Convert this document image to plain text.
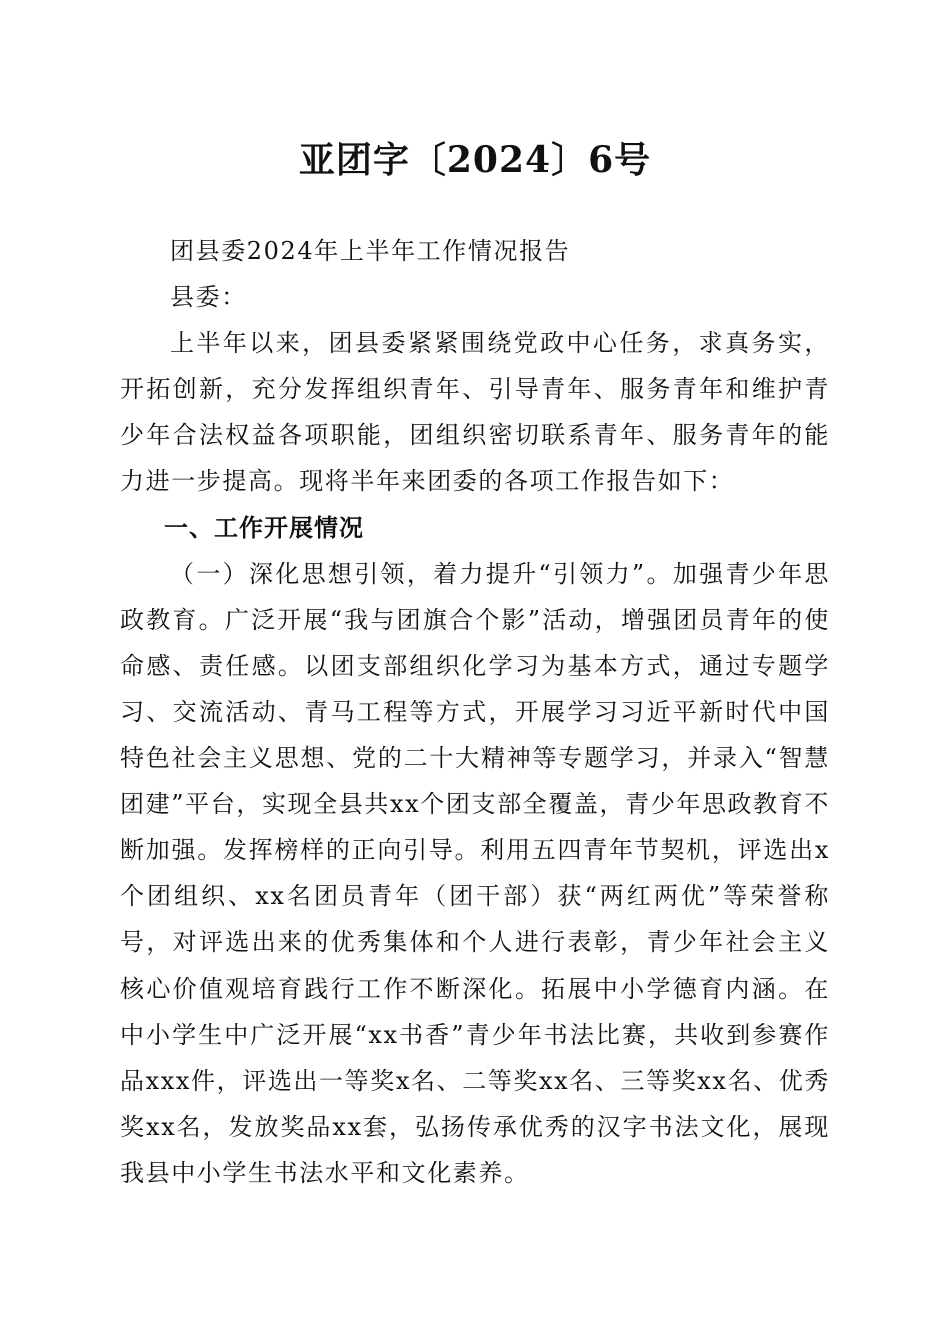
亚团字〔2024〕6号
团县委2024年上半年工作情况报告
县委：

上半年以来，团县委紧紧围绕党政中心任务，求真务实，开拓创新，充分发挥组织青年、引导青年、服务青年和维护青少年合法权益各项职能，团组织密切联系青年、服务青年的能力进一步提高。现将半年来团委的各项工作报告如下：

一、工作开展情况

（一）深化思想引领，着力提升“引领力”。加强青少年思政教育。广泛开展“我与团旗合个影”活动，增强团员青年的使命感、责任感。以团支部组织化学习为基本方式，通过专题学习、交流活动、青马工程等方式，开展学习习近平新时代中国特色社会主义思想、党的二十大精神等专题学习，并录入“智慧团建”平台，实现全县共xx个团支部全覆盖，青少年思政教育不断加强。发挥榜样的正向引导。利用五四青年节契机，评选出x个团组织、xx名团员青年（团干部）获“两红两优”等荣誉称号，对评选出来的优秀集体和个人进行表彰，青少年社会主义核心价值观培育践行工作不断深化。拓展中小学德育内涵。在中小学生中广泛开展“xx书香”青少年书法比赛，共收到参赛作品xxx件，评选出一等奖x名、二等奖xx名、三等奖xx名、优秀奖xx名，发放奖品xx套，弘扬传承优秀的汉字书法文化，展现我县中小学生书法水平和文化素养。
